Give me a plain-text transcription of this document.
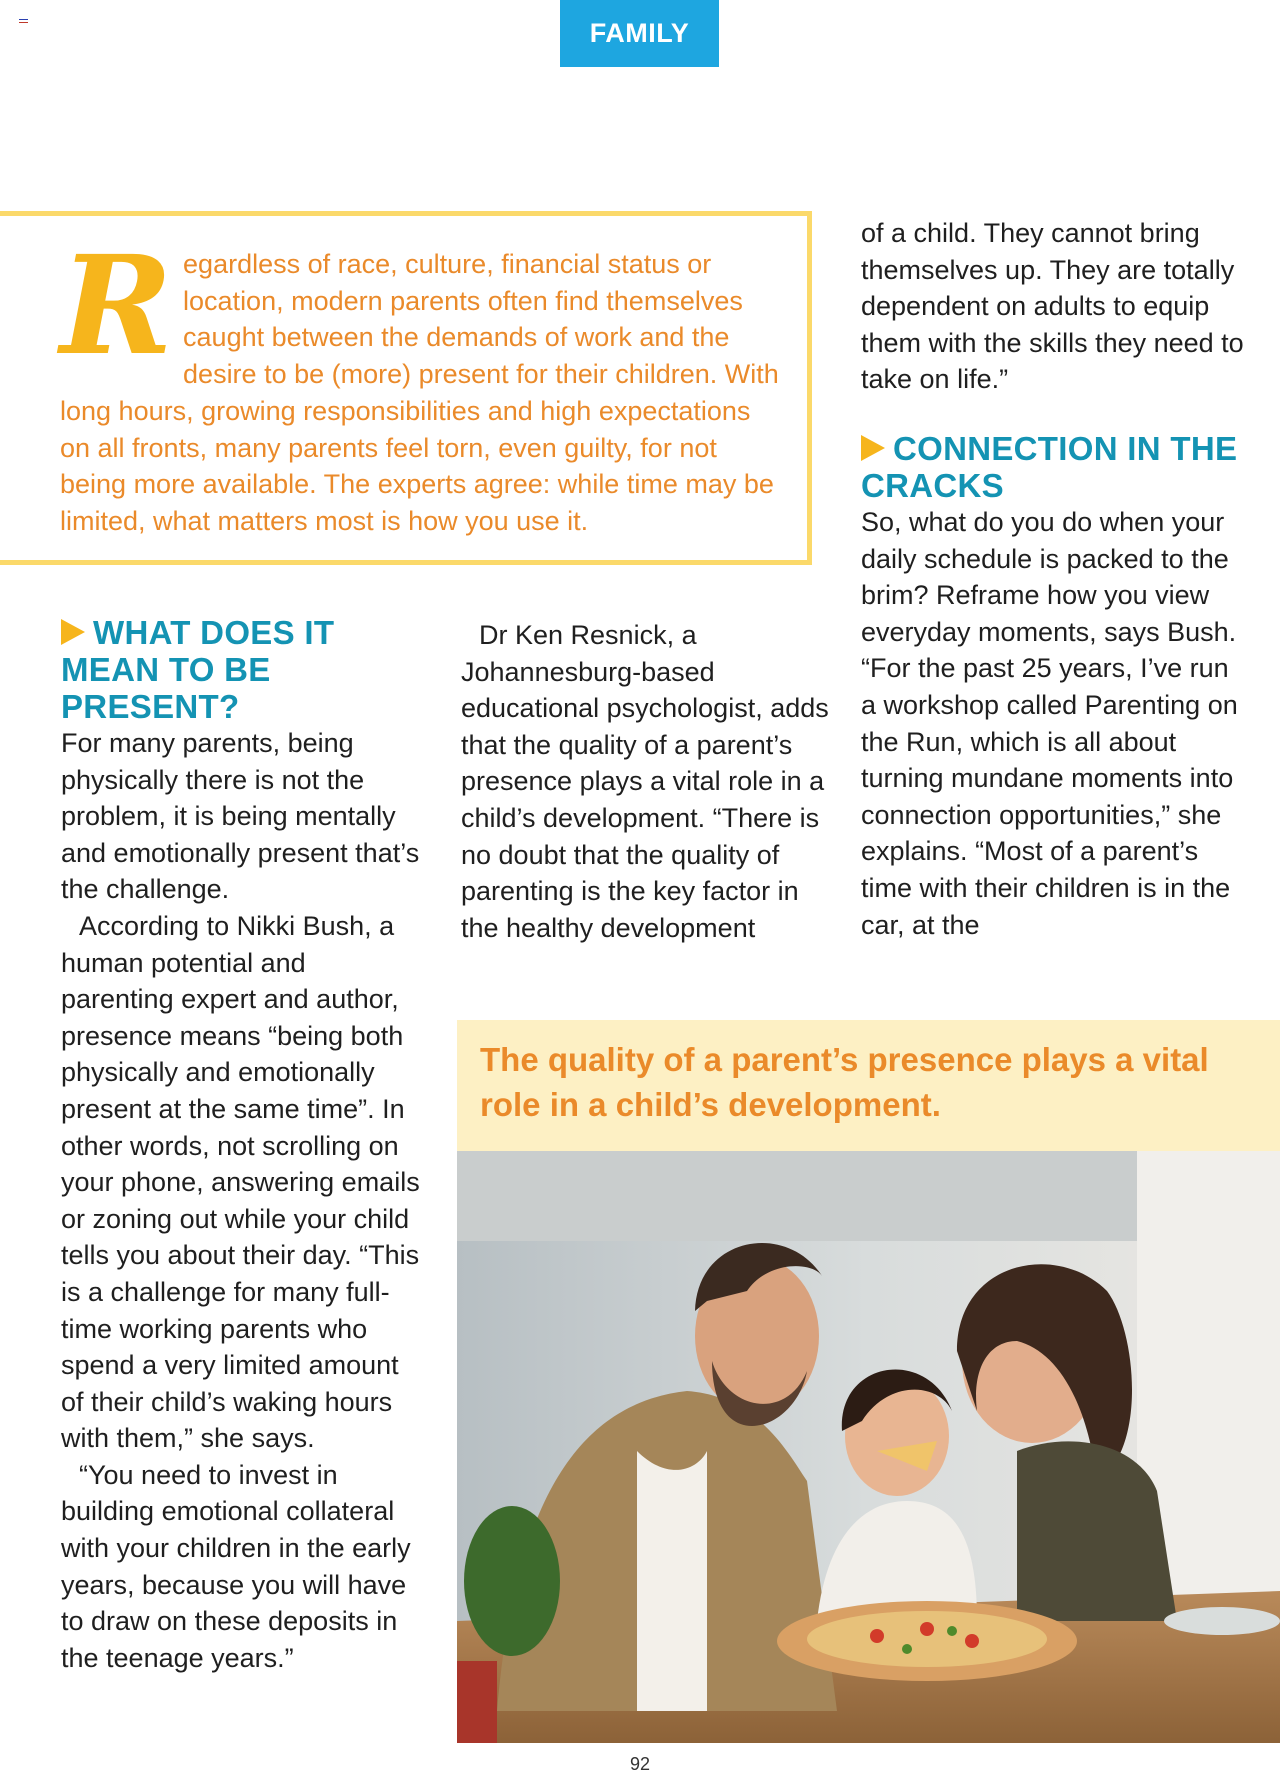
FAMILY
Regardless of race, culture, financial status or location, modern parents often find themselves caught between the demands of work and the desire to be (more) present for their children. With long hours, growing responsibilities and high expectations on all fronts, many parents feel torn, even guilty, for not being more available. The experts agree: while time may be limited, what matters most is how you use it.
WHAT DOES IT MEAN TO BE PRESENT?

For many parents, being physically there is not the problem, it is being mentally and emotionally present that’s the challenge.

According to Nikki Bush, a human potential and parenting expert and author, presence means “being both physically and emotionally present at the same time”. In other words, not scrolling on your phone, answering emails or zoning out while your child tells you about their day. “This is a challenge for many full-time working parents who spend a very limited amount of their child’s waking hours with them,” she says.

“You need to invest in building emotional collateral with your children in the early years, because you will have to draw on these deposits in the teenage years.”

Dr Ken Resnick, a Johannesburg-based educational psychologist, adds that the quality of a parent’s presence plays a vital role in a child’s development. “There is no doubt that the quality of parenting is the key factor in the healthy development

of a child. They cannot bring themselves up. They are totally dependent on adults to equip them with the skills they need to take on life.”

CONNECTION IN THE CRACKS

So, what do you do when your daily schedule is packed to the brim? Reframe how you view everyday moments, says Bush. “For the past 25 years, I’ve run a workshop called Parenting on the Run, which is all about turning mundane moments into connection opportunities,” she explains. “Most of a parent’s time with their children is in the car, at the

The quality of a parent’s presence plays a vital role in a child’s development.
92
